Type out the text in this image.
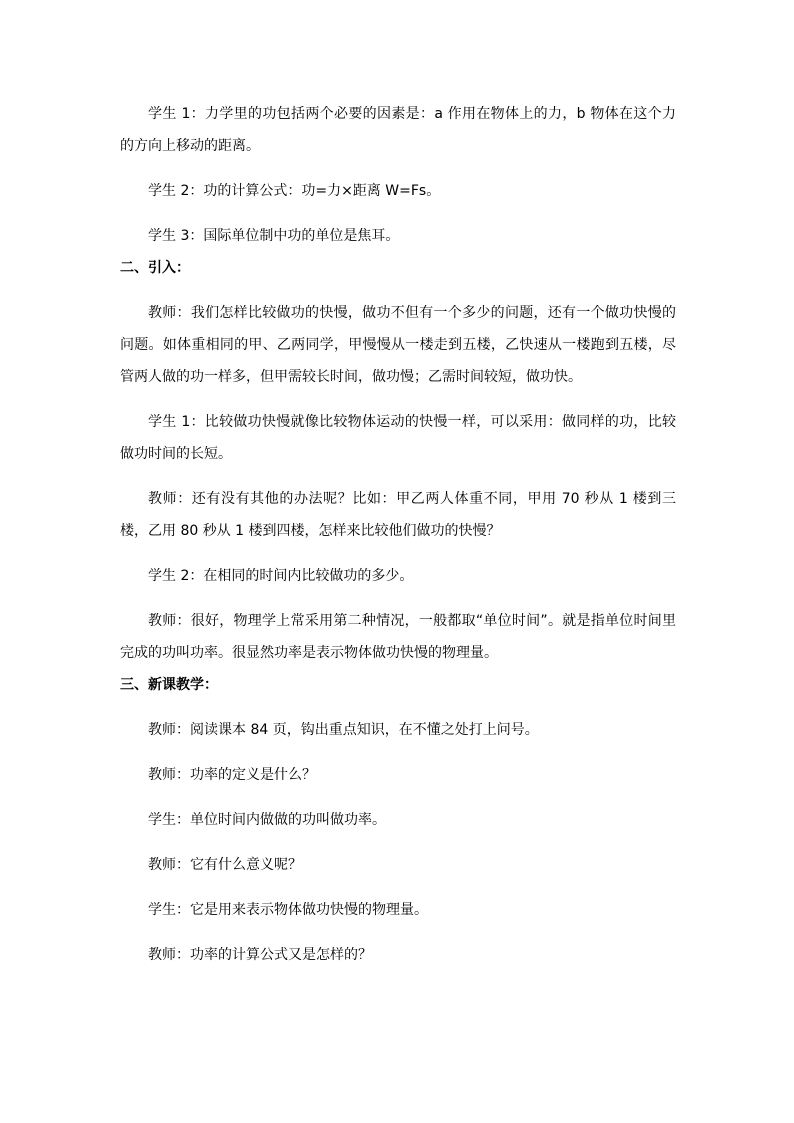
学生 1：力学里的功包括两个必要的因素是：a 作用在物体上的力，b 物体在这个力的方向上移动的距离。

学生 2：功的计算公式：功=力×距离 W=Fs。

学生 3：国际单位制中功的单位是焦耳。

二、引入：

教师：我们怎样比较做功的快慢，做功不但有一个多少的问题，还有一个做功快慢的问题。如体重相同的甲、乙两同学，甲慢慢从一楼走到五楼，乙快速从一楼跑到五楼，尽管两人做的功一样多，但甲需较长时间，做功慢；乙需时间较短，做功快。

学生 1：比较做功快慢就像比较物体运动的快慢一样，可以采用：做同样的功，比较做功时间的长短。

教师：还有没有其他的办法呢？比如：甲乙两人体重不同，甲用 70 秒从 1 楼到三楼，乙用 80 秒从 1 楼到四楼，怎样来比较他们做功的快慢？

学生 2：在相同的时间内比较做功的多少。

教师：很好，物理学上常采用第二种情况，一般都取“单位时间”。就是指单位时间里完成的功叫功率。很显然功率是表示物体做功快慢的物理量。

三、新课教学：

教师：阅读课本 84 页，钩出重点知识，在不懂之处打上问号。

教师：功率的定义是什么？

学生：单位时间内做做的功叫做功率。

教师：它有什么意义呢？

学生：它是用来表示物体做功快慢的物理量。

教师：功率的计算公式又是怎样的？
